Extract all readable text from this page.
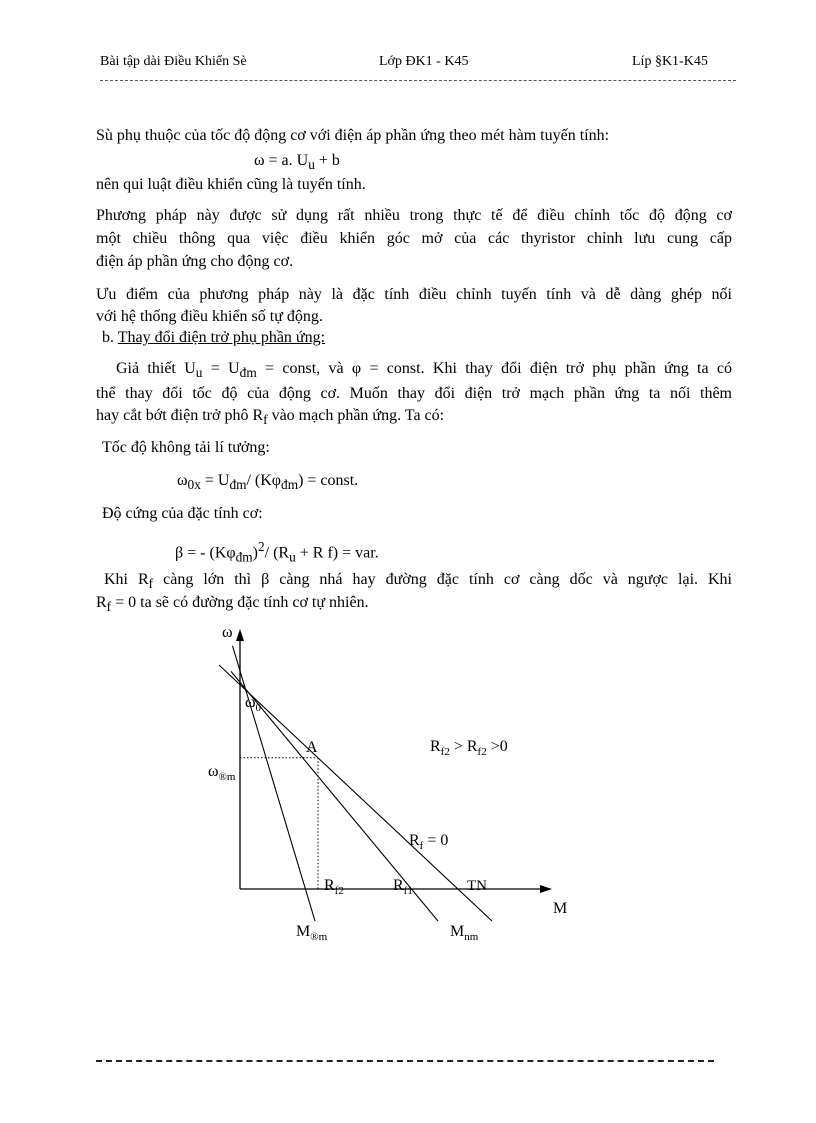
Bài tập dài Điều Khiển Sè	Lớp ĐK1 - K45	Líp §K1-K45
Sù phụ thuộc của tốc độ động cơ với điện áp phần ứng theo mét hàm tuyến tính:
ω = a. $U_u + b$
nên qui luật điều khiển cũng là tuyến tính.
Phương pháp này được sử dụng rất nhiều trong thực tế để điều chỉnh tốc độ động cơ
một chiều thông qua việc điều khiển góc mở của các thyristor chỉnh lưu cung cấp
điện áp phần ứng cho động cơ.
Ưu điểm của phương pháp này là đặc tính điều chỉnh tuyến tính và dễ dàng ghép nối
với hệ thống điều khiển số tự động.
b. Thay đổi điện trở phụ phần ứng:
Giả thiết $U_u = U_{đm}$ = const, và φ = const. Khi thay đổi điện trở phụ phần ứng ta có
thể thay đổi tốc độ của động cơ. Muốn thay đổi điện trở mạch phần ứng ta nối thêm
hay cắt bớt điện trở phô $R_f$ vào mạch phần ứng. Ta có:
Tốc độ không tải lí tưởng:
$\omega_{0x} = U_{đm}/$ $(K\varphi_{đm})$ = const.
Độ cứng của đặc tính cơ:
β = - $(K\varphi_{đm})^2/$ ($R_u + R$ f) = var.
Khi $R_f$ càng lớn thì β càng nhá hay đường đặc tính cơ càng dốc và ngược lại. Khi
$R_f = 0$ ta sẽ có đường đặc tính cơ tự nhiên.
ω
$\omega_0$
$\omega_{®m}$
A	$R_{f2} > R_{f2} >0$
$R_f = 0$
$R_{f2}$	$R_{f1}$	TN
M
$M_{®m}$	$M_{nm}$
